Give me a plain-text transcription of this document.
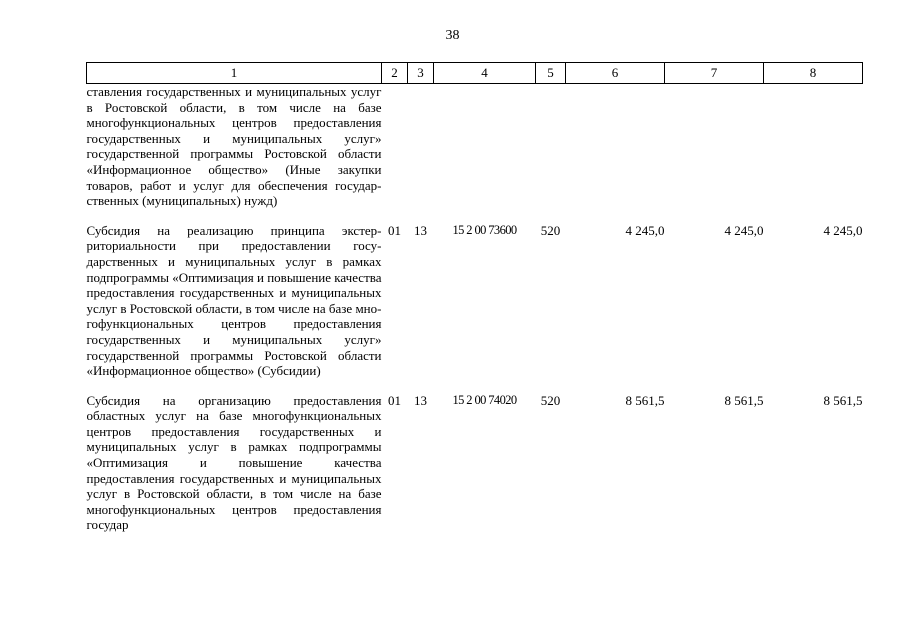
38
1	2	3	4	5	6	7	8
ставления государственных и муниципальных услуг в Ростовской области, в том числе на базе многофункциональных центров предоставления государственных и муниципальных услуг» государственной программы Ростовской области «Информационное общество» (Иные закупки товаров, работ и услуг для обеспечения государственных (муниципальных) нужд)							

Субсидия на реализацию принципа экстерриториальности при предоставлении государственных и муниципальных услуг в рамках подпрограммы «Оптимизация и повышение качества предоставления государственных и муниципальных услуг в Ростовской области, в том числе на базе многофункциональных центров предоставления государственных и муниципальных услуг» государственной программы Ростовской области «Информационное общество» (Субсидии)	01	13	15 2 00 73600	520	4 245,0	4 245,0	4 245,0

Субсидия на организацию предоставления областных услуг на базе многофункциональных центров предоставления государственных и муниципальных услуг в рамках подпрограммы «Оптимизация и повышение качества предоставления государственных и муниципальных услуг в Ростовской области, в том числе на базе многофункциональных центров предоставления государ	01	13	15 2 00 74020	520	8 561,5	8 561,5	8 561,5
